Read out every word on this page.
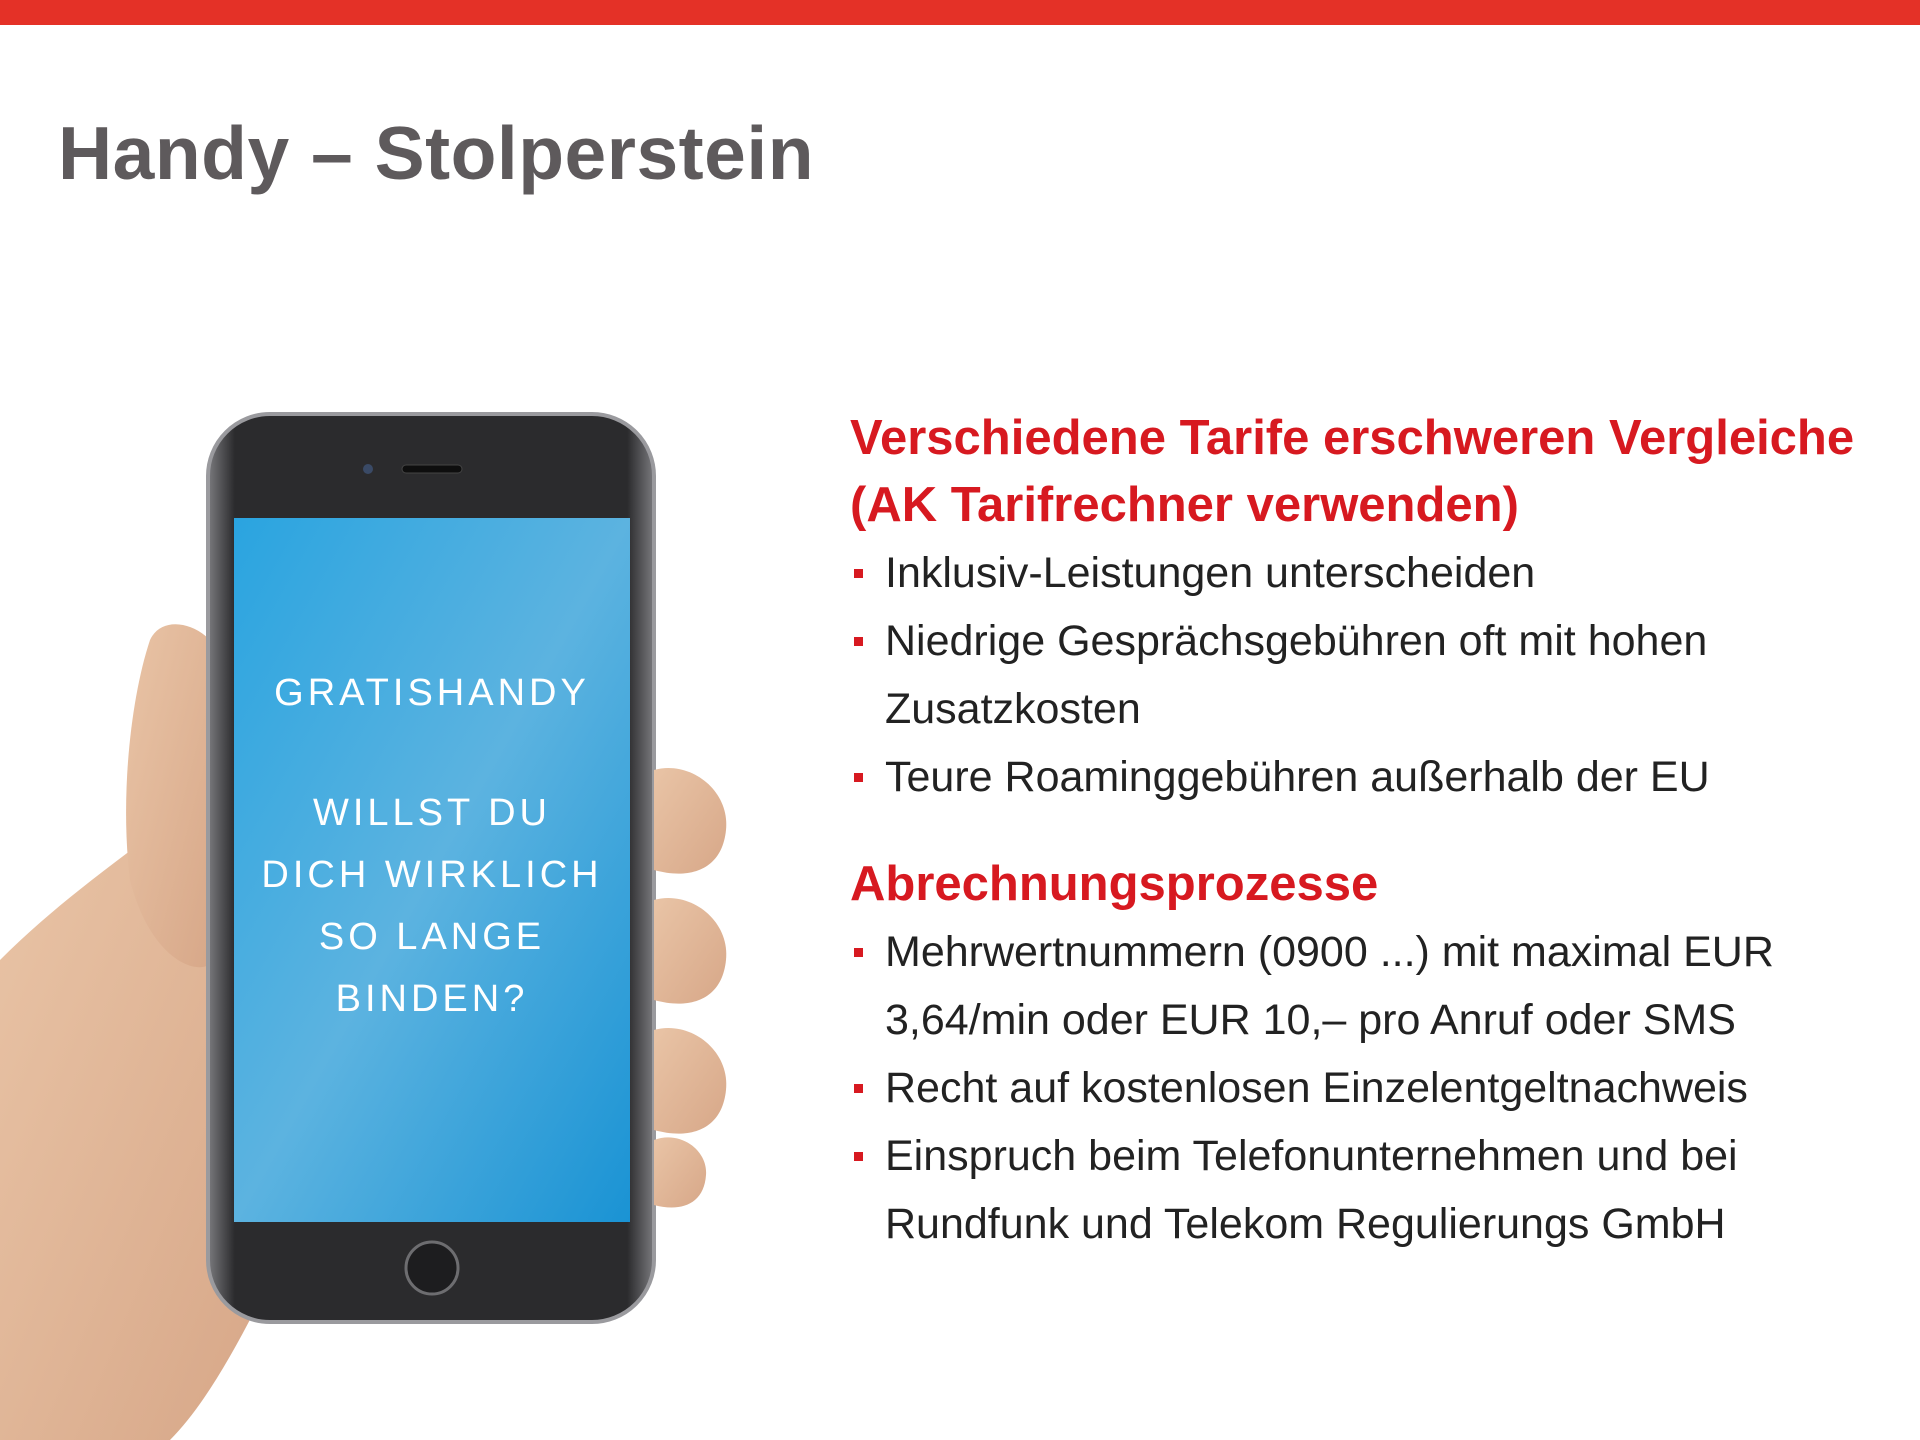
Handy – Stolperstein
GRATISHANDY
WILLST DU DICH WIRKLICH SO LANGE BINDEN?
Verschiedene Tarife erschweren Vergleiche (AK Tarifrechner verwenden)
Inklusiv-Leistungen unterscheiden
Niedrige Gesprächsgebühren oft mit hohen Zusatzkosten
Teure Roaminggebühren außerhalb der EU
Abrechnungsprozesse
Mehrwertnummern (0900 ...) mit maximal EUR 3,64/min oder EUR 10,– pro Anruf oder SMS
Recht auf kostenlosen Einzelentgeltnachweis
Einspruch beim Telefonunternehmen und bei Rundfunk und Telekom Regulierungs GmbH
